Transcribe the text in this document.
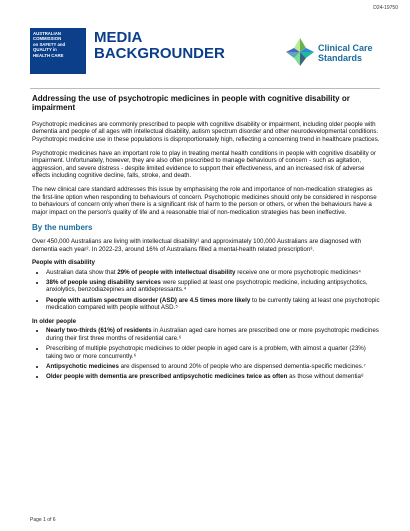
D24-19750
AUSTRALIAN
COMMISSION
on SAFETY and
QUALITY in
HEALTH CARE
MEDIA
BACKGROUNDER	Clinical Care
Standards
Addressing the use of psychotropic medicines in people with cognitive disability or impairment

Psychotropic medicines are commonly prescribed to people with cognitive disability or impairment, including older people with dementia and people of all ages with intellectual disability, autism spectrum disorder and other neurodevelopmental conditions. Psychotropic medicine use in these populations is disproportionately high, reflecting a concerning trend in healthcare practices.

Psychotropic medicines have an important role to play in treating mental health conditions in people with cognitive disability or impairment. Unfortunately, however, they are also often prescribed to manage behaviours of concern - such as agitation, aggression, and severe distress - despite limited evidence to support their effectiveness, and an increased risk of adverse effects including cognitive decline, falls, stroke, and death.

The new clinical care standard addresses this issue by emphasising the role and importance of non-medication strategies as the first-line option when responding to behaviours of concern. Psychotropic medicines should only be considered in response to behaviours of concern only when there is a significant risk of harm to the person or others, or when the behaviours have a major impact on the person's quality of life and a reasonable trial of non-medication strategies has been ineffective.

By the numbers

Over 450,000 Australians are living with intellectual disability¹ and approximately 100,000 Australians are diagnosed with dementia each year². In 2022-23, around 16% of Australians filled a mental-health related prescription³.

People with disability
• Australian data show that 29% of people with intellectual disability receive one or more psychotropic medicines⁴
• 38% of people using disability services were supplied at least one psychotropic medicine, including antipsychotics, anxiolytics, benzodiazepines and antidepressants.⁴
• People with autism spectrum disorder (ASD) are 4.5 times more likely to be currently taking at least one psychotropic medication compared with people without ASD.⁵
In older people
• Nearly two-thirds (61%) of residents in Australian aged care homes are prescribed one or more psychotropic medicines during their first three months of residential care.⁶
• Prescribing of multiple psychotropic medicines to older people in aged care is a problem, with almost a quarter (23%) taking two or more concurrently.⁶
• Antipsychotic medicines are dispensed to around 20% of people who are dispensed dementia-specific medicines.⁷
• Older people with dementia are prescribed antipsychotic medicines twice as often as those without dementia⁸
Page 1 of 6
